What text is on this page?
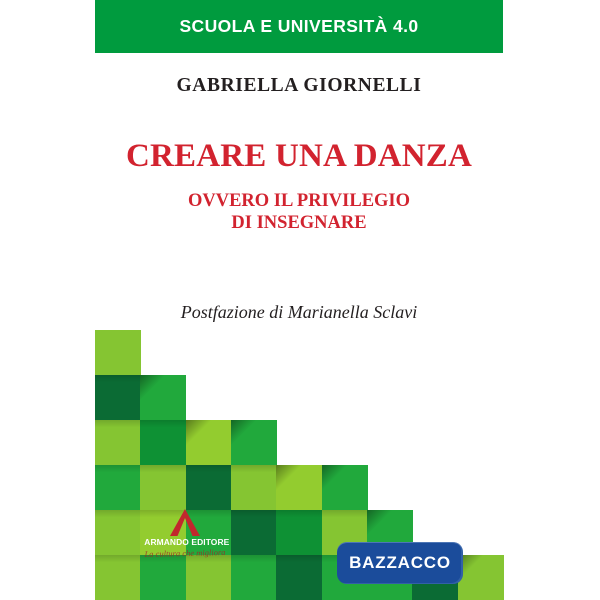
SCUOLA E UNIVERSITÀ 4.0
GABRIELLA GIORNELLI
CREARE UNA DANZA
OVVERO IL PRIVILEGIO
DI INSEGNARE
Postfazione di Marianella Sclavi
ARMANDO EDITORE
La cultura che migliora
BAZZACCO
